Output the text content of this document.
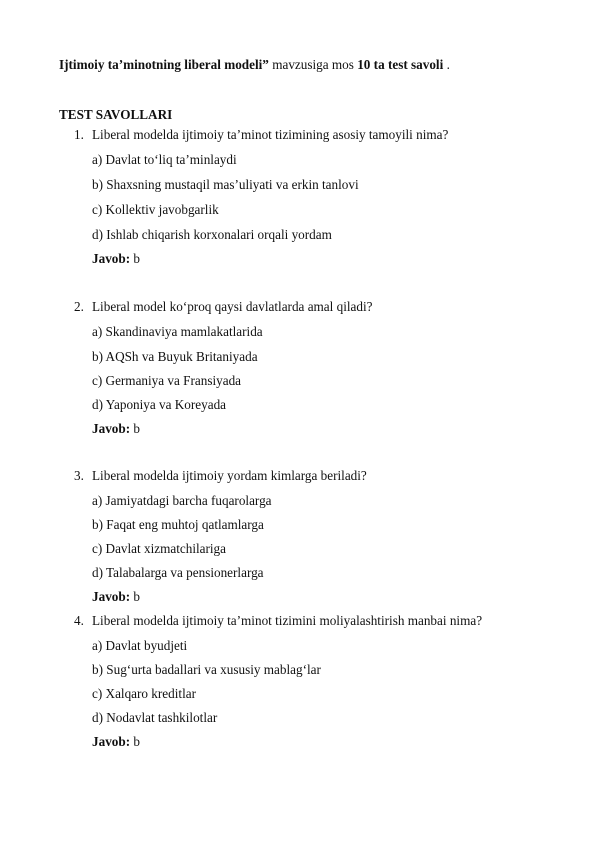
Ijtimoiy ta’minotning liberal modeli” mavzusiga mos 10 ta test savoli .
TEST SAVOLLARI
1. Liberal modelda ijtimoiy ta’minot tizimining asosiy tamoyili nima?
a) Davlat to‘liq ta’minlaydi
b) Shaxsning mustaqil mas’uliyati va erkin tanlovi
c) Kollektiv javobgarlik
d) Ishlab chiqarish korxonalari orqali yordam
Javob: b
2. Liberal model ko‘proq qaysi davlatlarda amal qiladi?
a) Skandinaviya mamlakatlarida
b) AQSh va Buyuk Britaniyada
c) Germaniya va Fransiyada
d) Yaponiya va Koreyada
Javob: b
3. Liberal modelda ijtimoiy yordam kimlarga beriladi?
a) Jamiyatdagi barcha fuqarolarga
b) Faqat eng muhtoj qatlamlarga
c) Davlat xizmatchilariga
d) Talabalarga va pensionerlarga
Javob: b
4. Liberal modelda ijtimoiy ta’minot tizimini moliyalashtirish manbai nima?
a) Davlat byudjeti
b) Sug‘urta badallari va xususiy mablag‘lar
c) Xalqaro kreditlar
d) Nodavlat tashkilotlar
Javob: b
